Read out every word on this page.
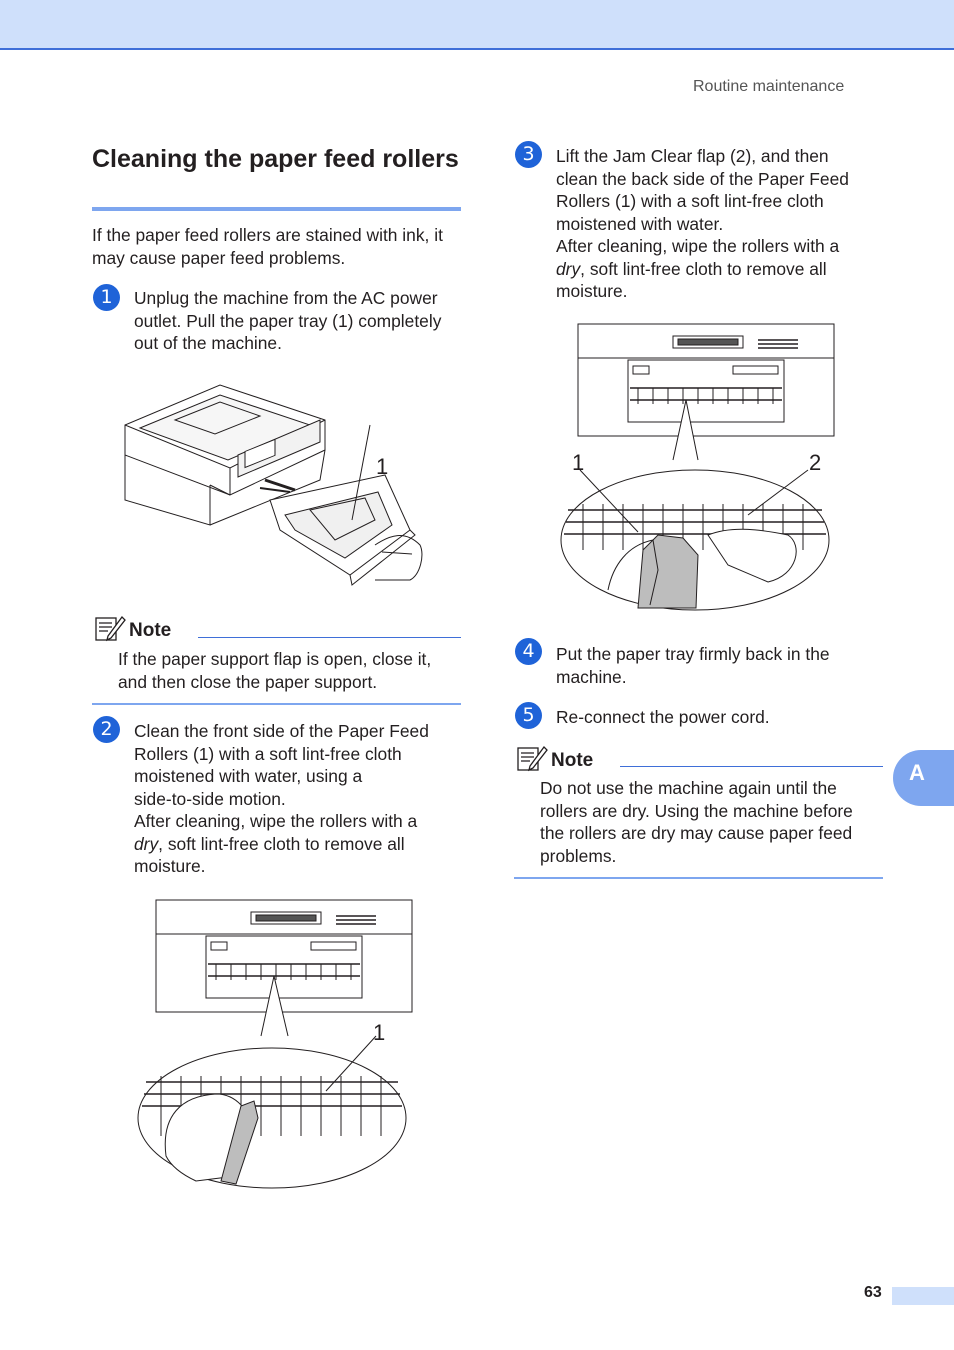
Routine maintenance
Cleaning the paper feed rollers
If the paper feed rollers are stained with ink, it may cause paper feed problems.
1	Unplug the machine from the AC power
outlet. Pull the paper tray (1) completely
out of the machine.
1
Note
If the paper support flap is open, close it,
and then close the paper support.
2	Clean the front side of the Paper Feed
Rollers (1) with a soft lint-free cloth
moistened with water, using a
side-to-side motion.
After cleaning, wipe the rollers with a
dry, soft lint-free cloth to remove all
moisture.
1
3	Lift the Jam Clear flap (2), and then
clean the back side of the Paper Feed
Rollers (1) with a soft lint-free cloth
moistened with water.
After cleaning, wipe the rollers with a
dry, soft lint-free cloth to remove all
moisture.
1	2
4	Put the paper tray firmly back in the
machine.
5	Re-connect the power cord.
Note
Do not use the machine again until the
rollers are dry. Using the machine before
the rollers are dry may cause paper feed
problems.
A
63
